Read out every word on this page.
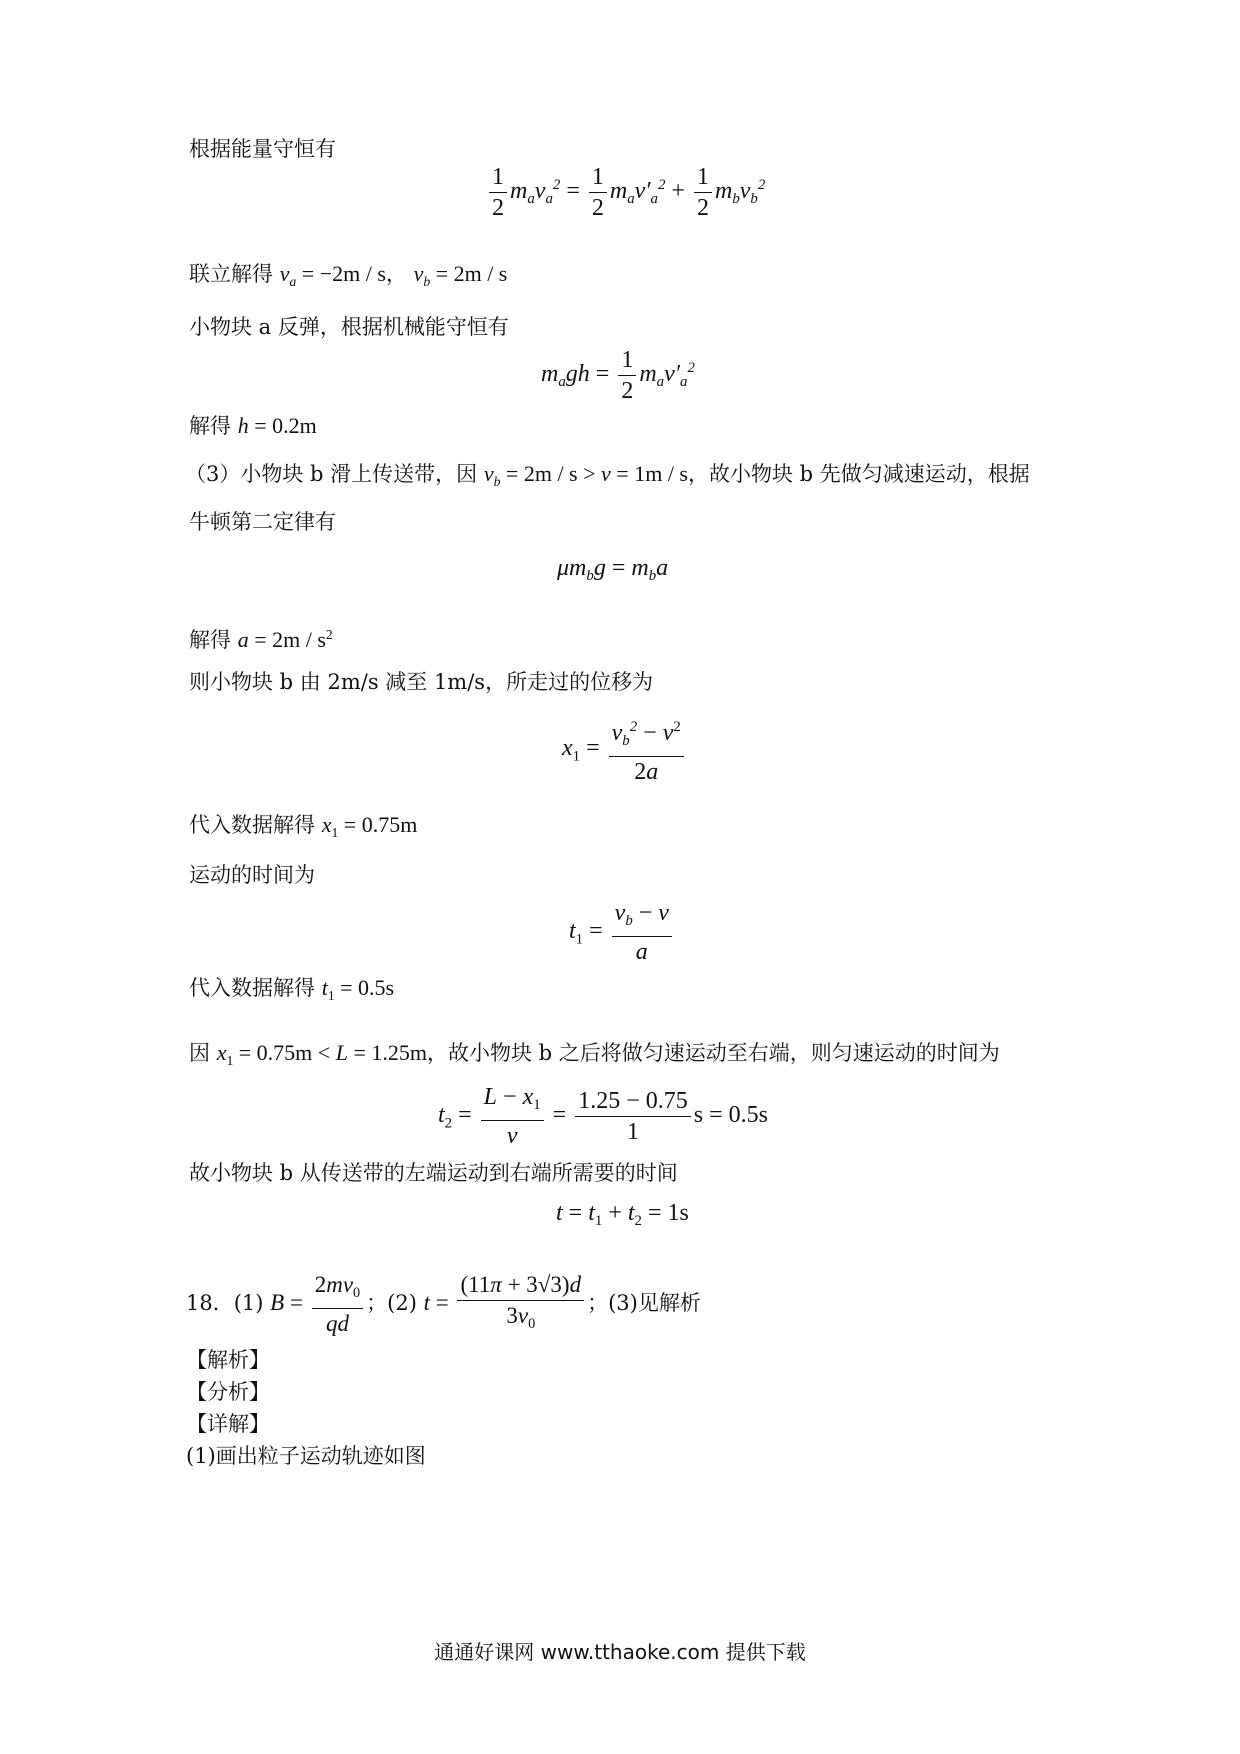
根据能量守恒有
$\frac{1}{2} m_av_a^2 = \frac{1}{2} m_av'_a^2 + \frac{1}{2} m_bv_b^2$
联立解得 $v_a = -2m / s$， $v_b = 2m / s$
小物块 a 反弹，根据机械能守恒有
$m_agh = \frac{1}{2} m_av'_a^2$
解得 h = 0.2m
（3）小物块 b 滑上传送带，因 $v_b = 2m / s > v = 1m / s$，故小物块 b 先做匀减速运动，根据
牛顿第二定律有
$\mu m_bg = m_ba$
解得 $a = 2m / s^2$
则小物块 b 由 2m/s 减至 1m/s，所走过的位移为
$x_1 = \frac{v_b^2 - v^2}{2a}$
代入数据解得 $x_1 = 0.75m$
运动的时间为
$t_1 = \frac{v_b - v}{a}$
代入数据解得 $t_1 = 0.5s$
因 $x_1 = 0.75m < L = 1.25m$，故小物块 b 之后将做匀速运动至右端，则匀速运动的时间为
$t_2 = \frac{L - x_1}{v} = \frac{1.25 - 0.75}{1}$ s = 0.5s
故小物块 b 从传送带的左端运动到右端所需要的时间
$t = t_1 + t_2 = 1s$
18．(1) $B = \frac{2mv_0}{qd}$ ；(2) $t = \frac{(11\pi + 3√3)d}{3v_0}$ ；(3)见解析
【解析】
【分析】
【详解】
(1)画出粒子运动轨迹如图
通通好课网 www.tthaoke.com 提供下载
